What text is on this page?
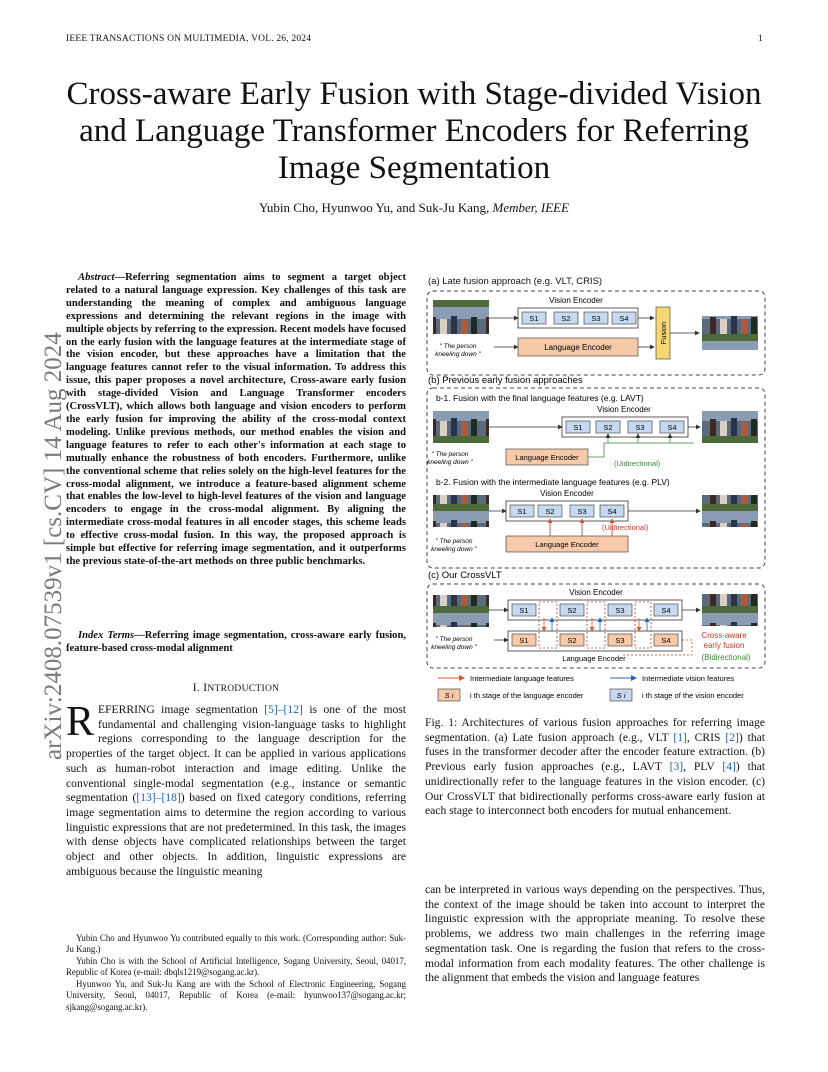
IEEE TRANSACTIONS ON MULTIMEDIA, VOL. 26, 2024	1
Cross-aware Early Fusion with Stage-divided Vision and Language Transformer Encoders for Referring Image Segmentation
Yubin Cho, Hyunwoo Yu, and Suk-Ju Kang, Member, IEEE
arXiv:2408.07539v1 [cs.CV] 14 Aug 2024

Abstract—Referring segmentation aims to segment a target object related to a natural language expression. Key challenges of this task are understanding the meaning of complex and ambiguous language expressions and determining the relevant regions in the image with multiple objects by referring to the expression. Recent models have focused on the early fusion with the language features at the intermediate stage of the vision encoder, but these approaches have a limitation that the language features cannot refer to the visual information. To address this issue, this paper proposes a novel architecture, Cross-aware early fusion with stage-divided Vision and Language Transformer encoders (CrossVLT), which allows both language and vision encoders to perform the early fusion for improving the ability of the cross-modal context modeling. Unlike previous methods, our method enables the vision and language features to refer to each other's information at each stage to mutually enhance the robustness of both encoders. Furthermore, unlike the conventional scheme that relies solely on the high-level features for the cross-modal alignment, we introduce a feature-based alignment scheme that enables the low-level to high-level features of the vision and language encoders to engage in the cross-modal alignment. By aligning the intermediate cross-modal features in all encoder stages, this scheme leads to effective cross-modal fusion. In this way, the proposed approach is simple but effective for referring image segmentation, and it outperforms the previous state-of-the-art methods on three public benchmarks.

Index Terms—Referring image segmentation, cross-aware early fusion, feature-based cross-modal alignment

I. INTRODUCTION
REFERRING image segmentation [5]–[12] is one of the most fundamental and challenging vision-language tasks to highlight regions corresponding to the language description for the properties of the target object. It can be applied in various applications such as human-robot interaction and image editing. Unlike the conventional single-modal segmentation (e.g., instance or semantic segmentation ([13]–[18]) based on fixed category conditions, referring image segmentation aims to determine the region according to various linguistic expressions that are not predetermined. In this task, the images with dense objects have complicated relationships between the target object and other objects. In addition, linguistic expressions are ambiguous because the linguistic meaning

Yubin Cho and Hyunwoo Yu contributed equally to this work. (Corresponding author: Suk-Ju Kang.)

Yubin Cho is with the School of Artificial Intelligence, Sogang University, Seoul, 04017, Republic of Korea (e-mail: dbqls1219@sogang.ac.kr).

Hyunwoo Yu, and Suk-Ju Kang are with the School of Electronic Engineering, Sogang University, Seoul, 04017, Republic of Korea (e-mail: hyunwoo137@sogang.ac.kr; sjkang@sogang.ac.kr).

(a) Late fusion approach (e.g. VLT, CRIS)
" The person
kneeling down "
Vision Encoder
S1	S2	S3	S4
Language Encoder
Fusion
(b) Previous early fusion approaches
b-1. Fusion with the final language features (e.g. LAVT)
" The person
kneeling down "
Vision Encoder
S1	S2	S3	S4
Language Encoder
(Uidirectional)
b-2. Fusion with the intermediate language features (e.g. PLV)
" The person
kneeling down "
Vision Encoder
S1	S2	S3	S4
Language Encoder
(Uidirectional)
(c) Our CrossVLT
" The person
kneeling down "
Vision Encoder
S1	S2	S3	S4
S1	S2	S3	S4
Language Encoder
Cross-aware
early fusion
(Bidirectional)
Intermediate language features	Intermediate vision features
S i i th stage of the language encoder	S i i th stage of the vision encoder
Fig. 1: Architectures of various fusion approaches for referring image segmentation. (a) Late fusion approach (e.g., VLT [1], CRIS [2]) that fuses in the transformer decoder after the encoder feature extraction. (b) Previous early fusion approaches (e.g., LAVT [3], PLV [4]) that unidirectionally refer to the language features in the vision encoder. (c) Our CrossVLT that bidirectionally performs cross-aware early fusion at each stage to interconnect both encoders for mutual enhancement.
can be interpreted in various ways depending on the perspectives. Thus, the context of the image should be taken into account to interpret the linguistic expression with the appropriate meaning. To resolve these problems, we address two main challenges in the referring image segmentation task. One is regarding the fusion that refers to the cross-modal information from each modality features. The other challenge is the alignment that embeds the vision and language features
